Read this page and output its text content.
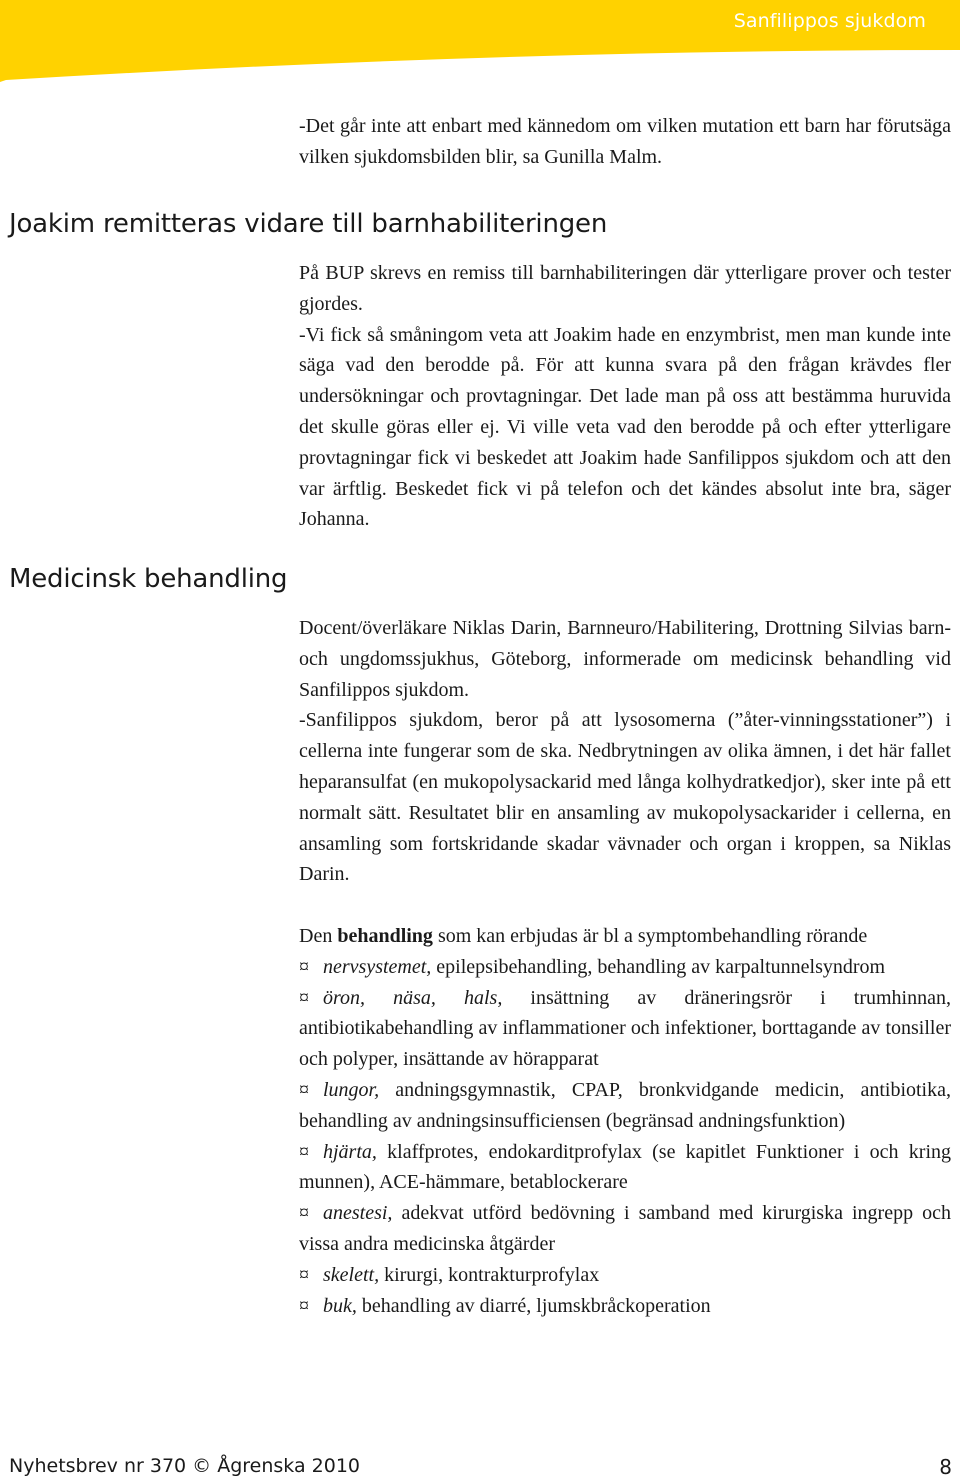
Sanfilippos sjukdom

-Det går inte att enbart med kännedom om vilken mutation ett barn har förutsäga vilken sjukdomsbilden blir, sa Gunilla Malm.

Joakim remitteras vidare till barnhabiliteringen

På BUP skrevs en remiss till barnhabiliteringen där ytterligare prover och tester gjordes.

-Vi fick så småningom veta att Joakim hade en enzymbrist, men man kunde inte säga vad den berodde på. För att kunna svara på den frågan krävdes fler undersökningar och provtagningar. Det lade man på oss att bestämma huruvida det skulle göras eller ej. Vi ville veta vad den berodde på och efter ytterligare provtagningar fick vi beskedet att Joakim hade Sanfilippos sjukdom och att den var ärftlig. Beskedet fick vi på telefon och det kändes absolut inte bra, säger Johanna.

Medicinsk behandling

Docent/överläkare Niklas Darin, Barnneuro/Habilitering, Drottning Silvias barn- och ungdomssjukhus, Göteborg, informerade om medicinsk behandling vid Sanfilippos sjukdom.

-Sanfilippos sjukdom, beror på att lysosomerna (”åter-vinningsstationer”) i cellerna inte fungerar som de ska. Nedbrytningen av olika ämnen, i det här fallet heparansulfat (en mukopolysackarid med långa kolhydratkedjor), sker inte på ett normalt sätt. Resultatet blir en ansamling av mukopolysackarider i cellerna, en ansamling som fortskridande skadar vävnader och organ i kroppen, sa Niklas Darin.

Den behandling som kan erbjudas är bl a symptombehandling rörande

¤ nervsystemet, epilepsibehandling, behandling av karpaltunnelsyndrom

¤ öron, näsa, hals, insättning av dräneringsrör i trumhinnan, antibiotikabehandling av inflammationer och infektioner, borttagande av tonsiller och polyper, insättande av hörapparat

¤ lungor, andningsgymnastik, CPAP, bronkvidgande medicin, antibiotika, behandling av andningsinsufficiensen (begränsad andningsfunktion)

¤ hjärta, klaffprotes, endokarditprofylax (se kapitlet Funktioner i och kring munnen), ACE-hämmare, betablockerare

¤ anestesi, adekvat utförd bedövning i samband med kirurgiska ingrepp och vissa andra medicinska åtgärder

¤ skelett, kirurgi, kontrakturprofylax

¤ buk, behandling av diarré, ljumskbråckoperation

Nyhetsbrev nr 370 © Ågrenska 2010	8
